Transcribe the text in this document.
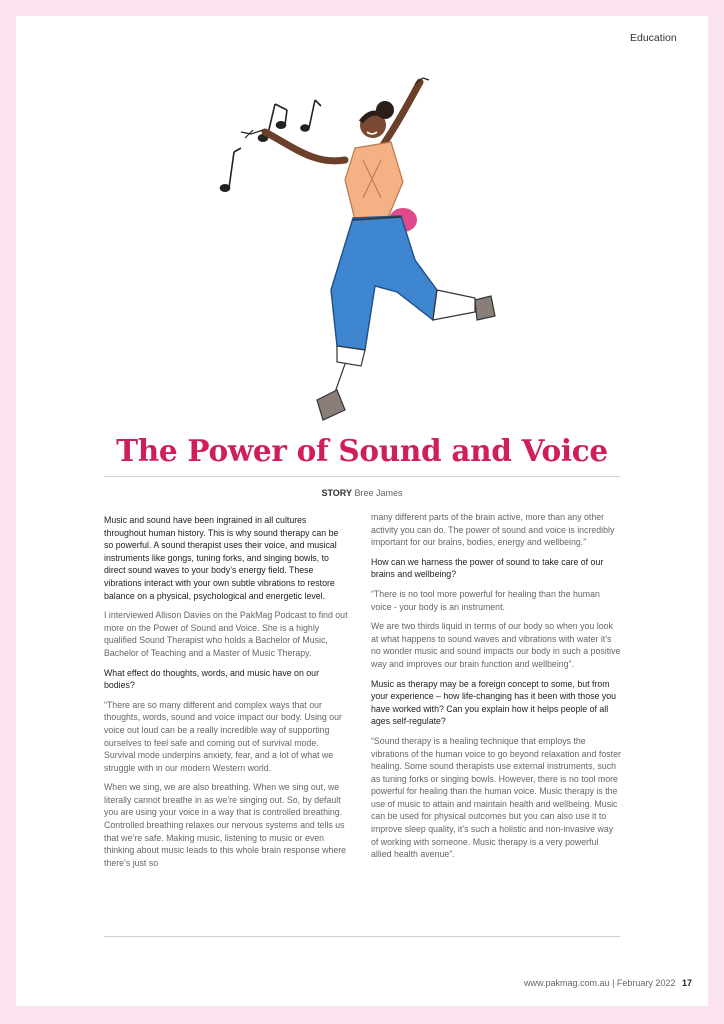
Education
The Power of Sound and Voice
STORY Bree James

Music and sound have been ingrained in all cultures throughout human history. This is why sound therapy can be so powerful. A sound therapist uses their voice, and musical instruments like gongs, tuning forks, and singing bowls, to direct sound waves to your body’s energy field. These vibrations interact with your own subtle vibrations to restore balance on a physical, psychological and energetic level.

I interviewed Allison Davies on the PakMag Podcast to find out more on the Power of Sound and Voice. She is a highly qualified Sound Therapist who holds a Bachelor of Music, Bachelor of Teaching and a Master of Music Therapy.

What effect do thoughts, words, and music have on our bodies?

“There are so many different and complex ways that our thoughts, words, sound and voice impact our body. Using our voice out loud can be a really incredible way of supporting ourselves to feel safe and coming out of survival mode. Survival mode underpins anxiety, fear, and a lot of what we struggle with in our modern Western world.

When we sing, we are also breathing. When we sing out, we literally cannot breathe in as we’re singing out. So, by default you are using your voice in a way that is controlled breathing. Controlled breathing relaxes our nervous systems and tells us that we’re safe. Making music, listening to music or even thinking about music leads to this whole brain response where there’s just so

many different parts of the brain active, more than any other activity you can do. The power of sound and voice is incredibly important for our brains, bodies, energy and wellbeing.”

How can we harness the power of sound to take care of our brains and wellbeing?

“There is no tool more powerful for healing than the human voice - your body is an instrument.

We are two thirds liquid in terms of our body so when you look at what happens to sound waves and vibrations with water it’s no wonder music and sound impacts our body in such a positive way and improves our brain function and wellbeing”.

Music as therapy may be a foreign concept to some, but from your experience – how life-changing has it been with those you have worked with? Can you explain how it helps people of all ages self-regulate?

“Sound therapy is a healing technique that employs the vibrations of the human voice to go beyond relaxation and foster healing. Some sound therapists use external instruments, such as tuning forks or singing bowls. However, there is no tool more powerful for healing than the human voice. Music therapy is the use of music to attain and maintain health and wellbeing. Music can be used for physical outcomes but you can also use it to improve sleep quality, it’s such a holistic and non-invasive way of working with someone. Music therapy is a very powerful allied health avenue”.

www.pakmag.com.au | February 2022 17
